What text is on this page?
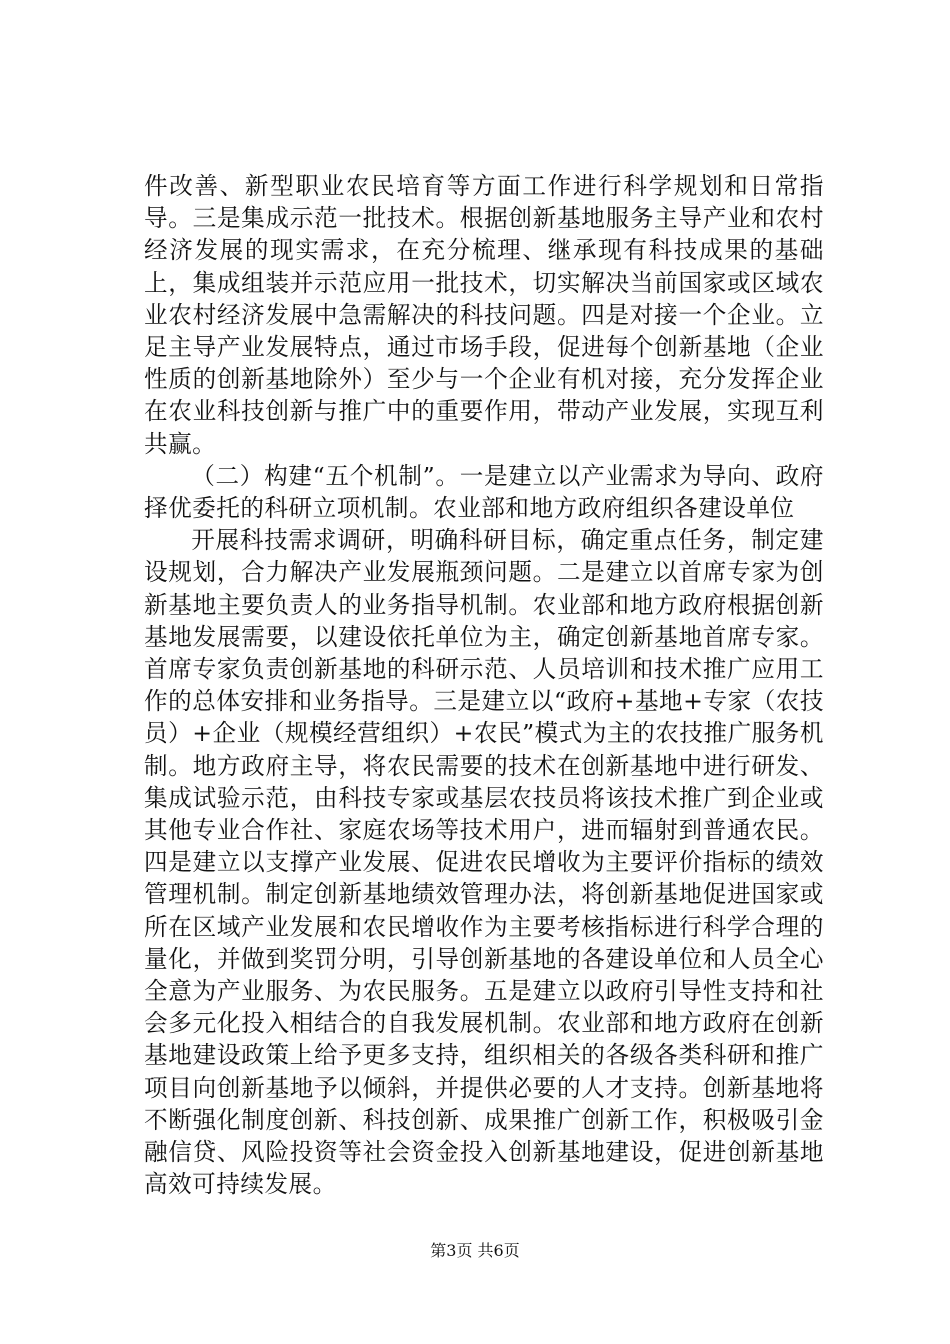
件改善、新型职业农民培育等方面工作进行科学规划和日常指导。三是集成示范一批技术。根据创新基地服务主导产业和农村经济发展的现实需求，在充分梳理、继承现有科技成果的基础上，集成组装并示范应用一批技术，切实解决当前国家或区域农业农村经济发展中急需解决的科技问题。四是对接一个企业。立足主导产业发展特点，通过市场手段，促进每个创新基地（企业性质的创新基地除外）至少与一个企业有机对接，充分发挥企业在农业科技创新与推广中的重要作用，带动产业发展，实现互利共赢。

（二）构建“五个机制”。一是建立以产业需求为导向、政府择优委托的科研立项机制。农业部和地方政府组织各建设单位

开展科技需求调研，明确科研目标，确定重点任务，制定建设规划，合力解决产业发展瓶颈问题。二是建立以首席专家为创新基地主要负责人的业务指导机制。农业部和地方政府根据创新基地发展需要，以建设依托单位为主，确定创新基地首席专家。首席专家负责创新基地的科研示范、人员培训和技术推广应用工作的总体安排和业务指导。三是建立以“政府+基地+专家（农技员）+企业（规模经营组织）+农民”模式为主的农技推广服务机制。地方政府主导，将农民需要的技术在创新基地中进行研发、集成试验示范，由科技专家或基层农技员将该技术推广到企业或其他专业合作社、家庭农场等技术用户，进而辐射到普通农民。四是建立以支撑产业发展、促进农民增收为主要评价指标的绩效管理机制。制定创新基地绩效管理办法，将创新基地促进国家或所在区域产业发展和农民增收作为主要考核指标进行科学合理的量化，并做到奖罚分明，引导创新基地的各建设单位和人员全心全意为产业服务、为农民服务。五是建立以政府引导性支持和社会多元化投入相结合的自我发展机制。农业部和地方政府在创新基地建设政策上给予更多支持，组织相关的各级各类科研和推广项目向创新基地予以倾斜，并提供必要的人才支持。创新基地将不断强化制度创新、科技创新、成果推广创新工作，积极吸引金融信贷、风险投资等社会资金投入创新基地建设，促进创新基地高效可持续发展。

第3页 共6页
